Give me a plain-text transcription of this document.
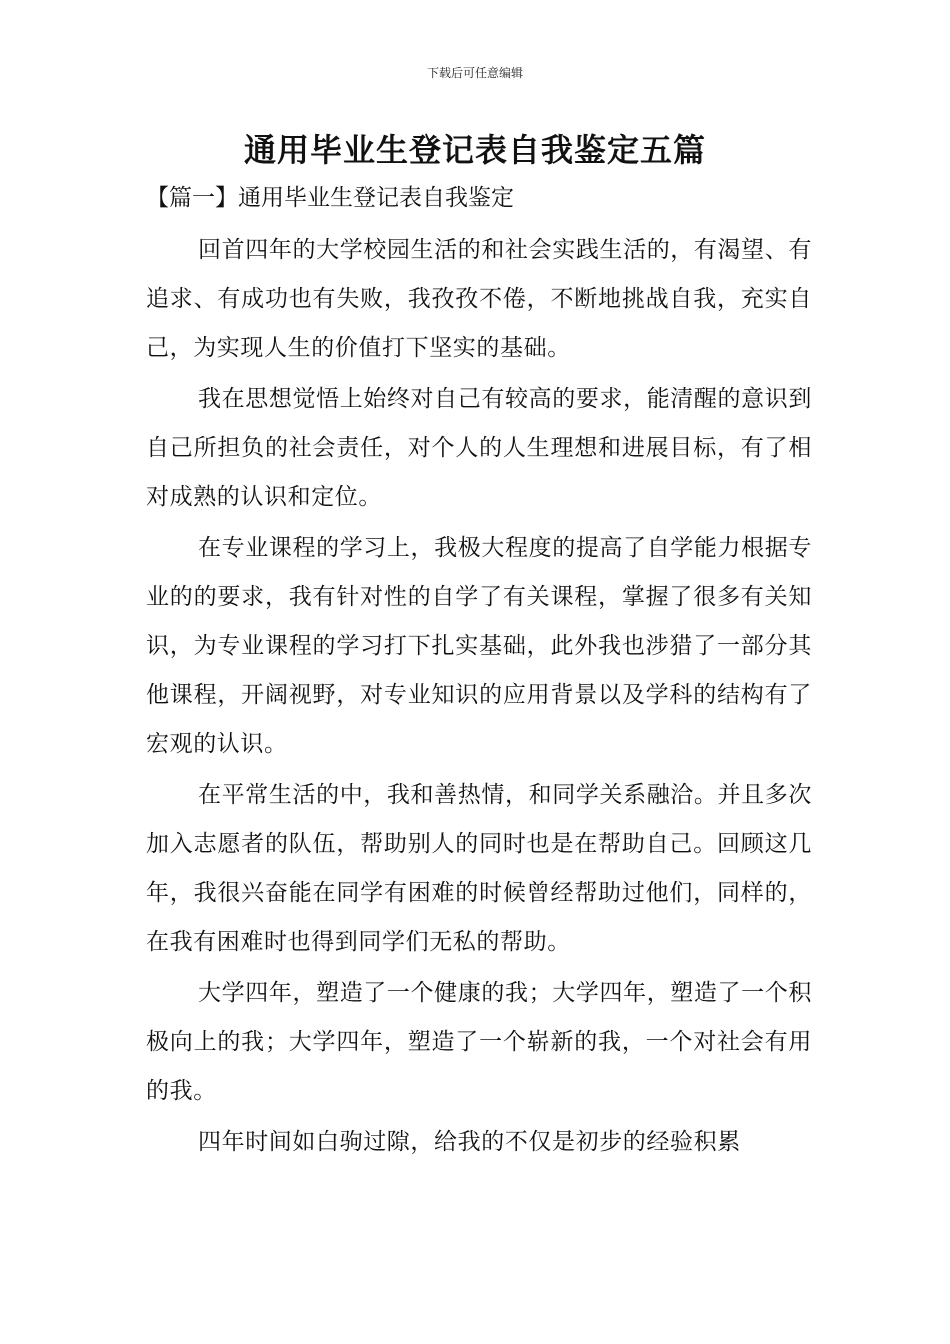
下载后可任意编辑
通用毕业生登记表自我鉴定五篇
【篇一】通用毕业生登记表自我鉴定

回首四年的大学校园生活的和社会实践生活的，有渴望、有追求、有成功也有失败，我孜孜不倦，不断地挑战自我，充实自己，为实现人生的价值打下坚实的基础。

我在思想觉悟上始终对自己有较高的要求，能清醒的意识到自己所担负的社会责任，对个人的人生理想和进展目标，有了相对成熟的认识和定位。

在专业课程的学习上，我极大程度的提高了自学能力根据专业的的要求，我有针对性的自学了有关课程，掌握了很多有关知识，为专业课程的学习打下扎实基础，此外我也涉猎了一部分其他课程，开阔视野，对专业知识的应用背景以及学科的结构有了宏观的认识。

在平常生活的中，我和善热情，和同学关系融洽。并且多次加入志愿者的队伍，帮助别人的同时也是在帮助自己。回顾这几年，我很兴奋能在同学有困难的时候曾经帮助过他们，同样的，在我有困难时也得到同学们无私的帮助。

大学四年，塑造了一个健康的我；大学四年，塑造了一个积极向上的我；大学四年，塑造了一个崭新的我，一个对社会有用的我。

四年时间如白驹过隙，给我的不仅是初步的经验积累
